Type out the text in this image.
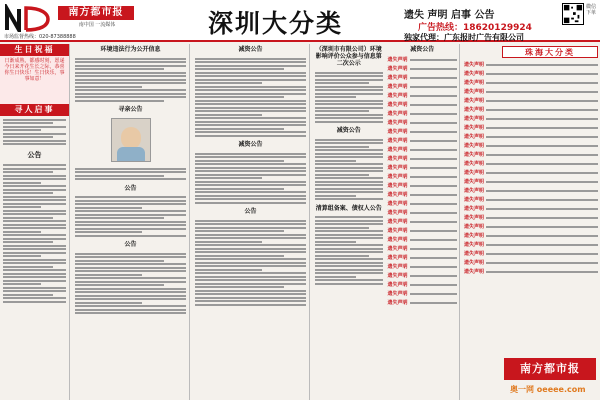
南方都市报
南中国 一流媒体
市场监督热线：020-87388888	深圳大分类	遗失 声明 启事 公告
广告热线：18620129924
独家代理：广东报时广告有限公司
微信下单
生日祝福
日渐成熟，都感时刻，愿递今日来开花生长之际，恭喜你生日快乐！生日快乐，事事如意！
寻人启事
公告
环境违法行为公开信息
寻亲公告
公告
公告
减资公告
减资公告
公告
（深圳市有限公司）环境影响评价公众参与信息第二次公示
减资公告
清算组备案、债权人公告
减资公告
遗失声明
遗失声明
遗失声明
遗失声明
遗失声明
遗失声明
遗失声明
遗失声明
遗失声明
遗失声明
遗失声明
遗失声明
遗失声明
遗失声明
遗失声明
遗失声明
遗失声明
遗失声明
遗失声明
遗失声明
遗失声明
遗失声明
遗失声明
遗失声明
遗失声明
遗失声明
遗失声明
遗失声明
珠海大分类
遗失声明
遗失声明
遗失声明
遗失声明
遗失声明
遗失声明
遗失声明
遗失声明
遗失声明
遗失声明
遗失声明
遗失声明
遗失声明
遗失声明
遗失声明
遗失声明
遗失声明
遗失声明
遗失声明
遗失声明
遗失声明
遗失声明
遗失声明
遗失声明
南方都市报
奥一网 oeeee.com
